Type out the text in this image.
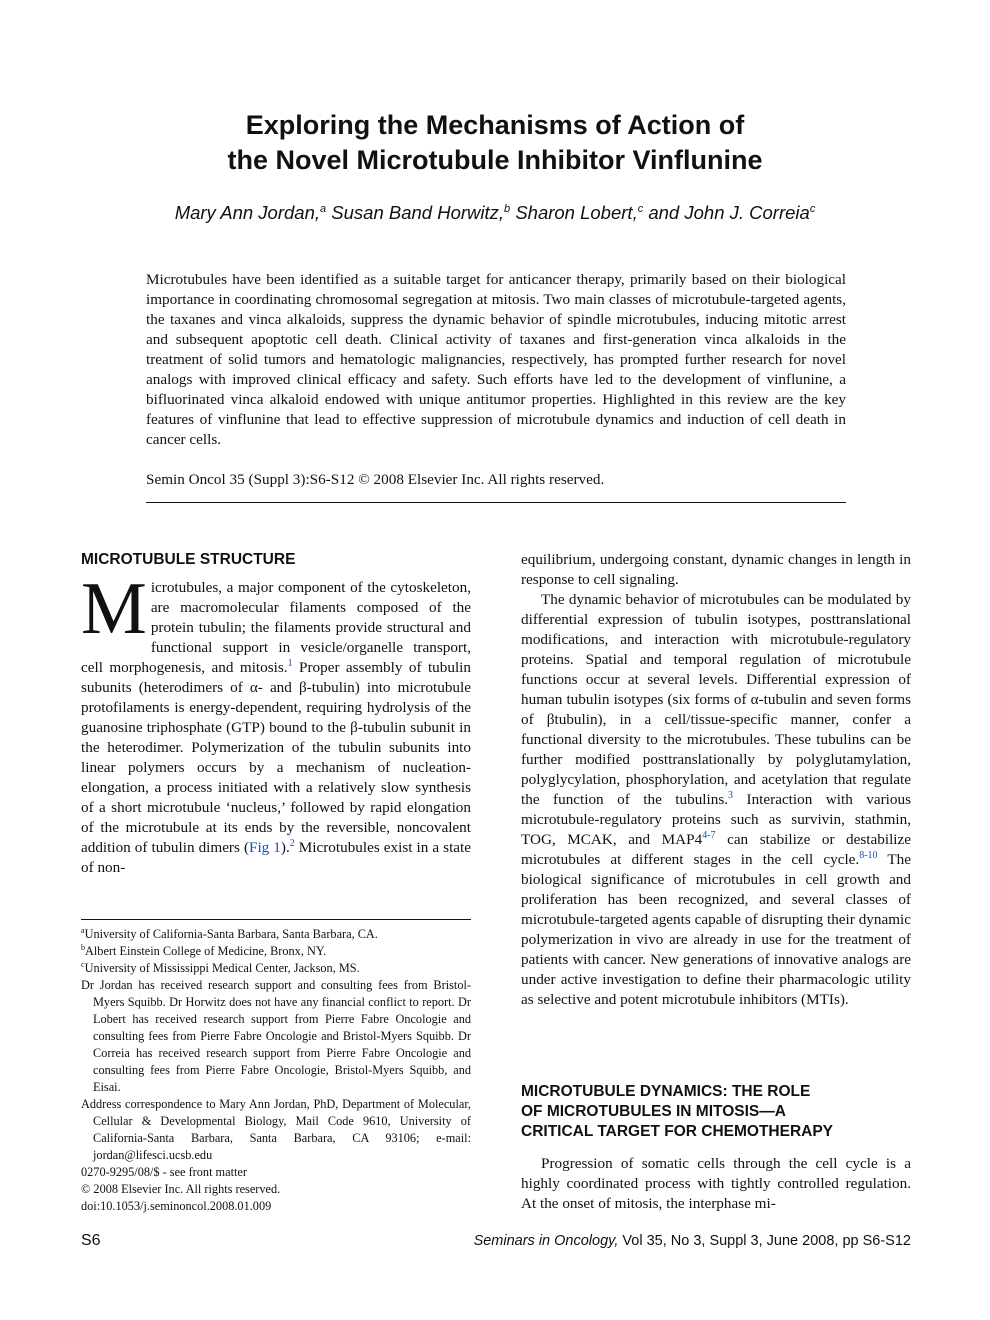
Exploring the Mechanisms of Action of
the Novel Microtubule Inhibitor Vinflunine
Mary Ann Jordan,$^a$ Susan Band Horwitz,$^b$ Sharon Lobert,$^c$ and John J. Correia$^c$

Microtubules have been identified as a suitable target for anticancer therapy, primarily based on their biological importance in coordinating chromosomal segregation at mitosis. Two main classes of microtubule-targeted agents, the taxanes and vinca alkaloids, suppress the dynamic behavior of spindle microtubules, inducing mitotic arrest and subsequent apoptotic cell death. Clinical activity of taxanes and first-generation vinca alkaloids in the treatment of solid tumors and hematologic malignancies, respectively, has prompted further research for novel analogs with improved clinical efficacy and safety. Such efforts have led to the development of vinflunine, a bifluorinated vinca alkaloid endowed with unique antitumor properties. Highlighted in this review are the key features of vinflunine that lead to effective suppression of microtubule dynamics and induction of cell death in cancer cells.

Semin Oncol 35 (Suppl 3):S6-S12 © 2008 Elsevier Inc. All rights reserved.
MICROTUBULE STRUCTURE
Microtubules, a major component of the cytoskeleton, are macromolecular filaments composed of the protein tubulin; the filaments provide structural and functional support in vesicle/organelle transport, cell morphogenesis, and mitosis.$^1$ Proper assembly of tubulin subunits (heterodimers of α- and β-tubulin) into microtubule protofilaments is energy-dependent, requiring hydrolysis of the guanosine triphosphate (GTP) bound to the β-tubulin subunit in the heterodimer. Polymerization of the tubulin subunits into linear polymers occurs by a mechanism of nucleation-elongation, a process initiated with a relatively slow synthesis of a short microtubule ‘nucleus,’ followed by rapid elongation of the microtubule at its ends by the reversible, noncovalent addition of tubulin dimers (Fig 1).$^2$ Microtubules exist in a state of non-

$^a$University of California-Santa Barbara, Santa Barbara, CA.

$^b$Albert Einstein College of Medicine, Bronx, NY.

$^c$University of Mississippi Medical Center, Jackson, MS.

Dr Jordan has received research support and consulting fees from Bristol-Myers Squibb. Dr Horwitz does not have any financial conflict to report. Dr Lobert has received research support from Pierre Fabre Oncologie and consulting fees from Pierre Fabre Oncologie and Bristol-Myers Squibb. Dr Correia has received research support from Pierre Fabre Oncologie and consulting fees from Pierre Fabre Oncologie, Bristol-Myers Squibb, and Eisai.

Address correspondence to Mary Ann Jordan, PhD, Department of Molecular, Cellular & Developmental Biology, Mail Code 9610, University of California-Santa Barbara, Santa Barbara, CA 93106; e-mail: jordan@lifesci.ucsb.edu

0270-9295/08/$ - see front matter

© 2008 Elsevier Inc. All rights reserved.

doi:10.1053/j.seminoncol.2008.01.009

equilibrium, undergoing constant, dynamic changes in length in response to cell signaling.
The dynamic behavior of microtubules can be modulated by differential expression of tubulin isotypes, posttranslational modifications, and interaction with microtubule-regulatory proteins. Spatial and temporal regulation of microtubule functions occur at several levels. Differential expression of human tubulin isotypes (six forms of α-tubulin and seven forms of βtubulin), in a cell/tissue-specific manner, confer a functional diversity to the microtubules. These tubulins can be further modified posttranslationally by polyglutamylation, polyglycylation, phosphorylation, and acetylation that regulate the function of the tubulins.$^3$ Interaction with various microtubule-regulatory proteins such as survivin, stathmin, TOG, MCAK, and MAP4$^{4-7}$ can stabilize or destabilize microtubules at different stages in the cell cycle.$^{8-10}$ The biological significance of microtubules in cell growth and proliferation has been recognized, and several classes of microtubule-targeted agents capable of disrupting their dynamic polymerization in vivo are already in use for the treatment of patients with cancer. New generations of innovative analogs are under active investigation to define their pharmacologic utility as selective and potent microtubule inhibitors (MTIs).
MICROTUBULE DYNAMICS: THE ROLE
OF MICROTUBULES IN MITOSIS—A
CRITICAL TARGET FOR CHEMOTHERAPY
Progression of somatic cells through the cell cycle is a highly coordinated process with tightly controlled regulation. At the onset of mitosis, the interphase mi-
S6	Seminars in Oncology, Vol 35, No 3, Suppl 3, June 2008, pp S6-S12
